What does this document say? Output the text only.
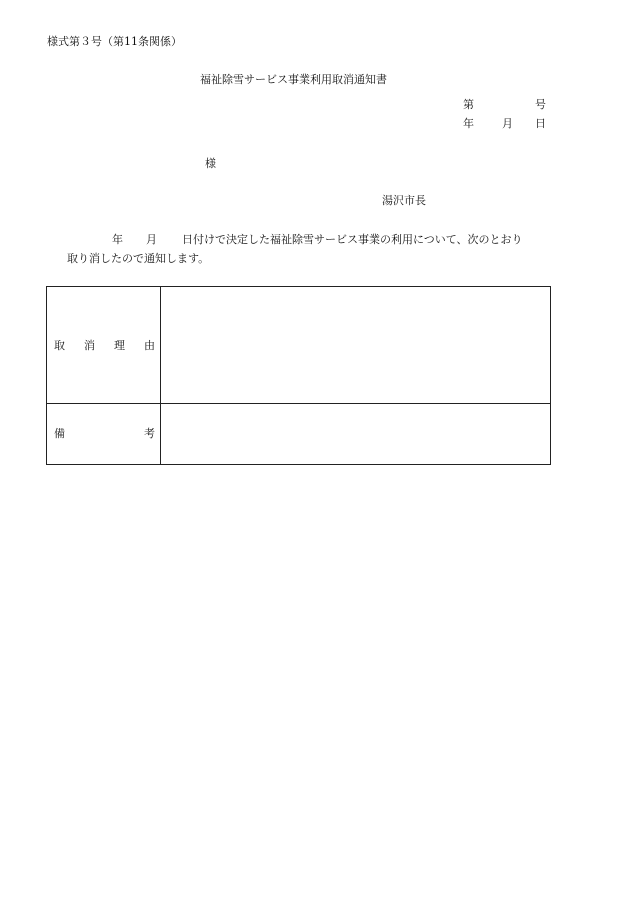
様式第３号（第11条関係）
福祉除雪サービス事業利用取消通知書
第	号
年	月 日
様
湯沢市長
年 月 日付けで決定した福祉除雪サービス事業の利用について、次のとおり
取り消したので通知します。
取 消 理 由
備	考
